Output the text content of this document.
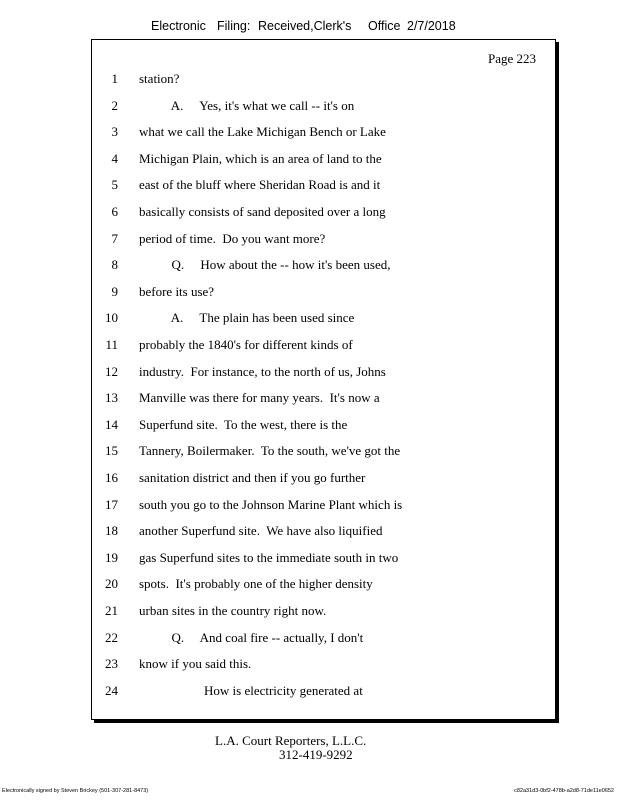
Electronic Filing: Received,Clerk's Office 2/7/2018
Page 223
1 station?
2 A.     Yes, it's what we call -- it's on
3 what we call the Lake Michigan Bench or Lake
4 Michigan Plain, which is an area of land to the
5 east of the bluff where Sheridan Road is and it
6 basically consists of sand deposited over a long
7 period of time.  Do you want more?
8 Q.     How about the -- how it's been used,
9 before its use?
10 A.     The plain has been used since
11 probably the 1840's for different kinds of
12 industry.  For instance, to the north of us, Johns
13 Manville was there for many years.  It's now a
14 Superfund site.  To the west, there is the
15 Tannery, Boilermaker.  To the south, we've got the
16 sanitation district and then if you go further
17 south you go to the Johnson Marine Plant which is
18 another Superfund site.  We have also liquified
19 gas Superfund sites to the immediate south in two
20 spots.  It's probably one of the higher density
21 urban sites in the country right now.
22 Q.     And coal fire -- actually, I don't
23 know if you said this.
24 How is electricity generated at
L.A. Court Reporters, L.L.C.
312-419-9292
Electronically signed by Steven Brickey (501-307-281-8473)	c82a31d3-0bf2-478b-a2d8-71de11e0652
